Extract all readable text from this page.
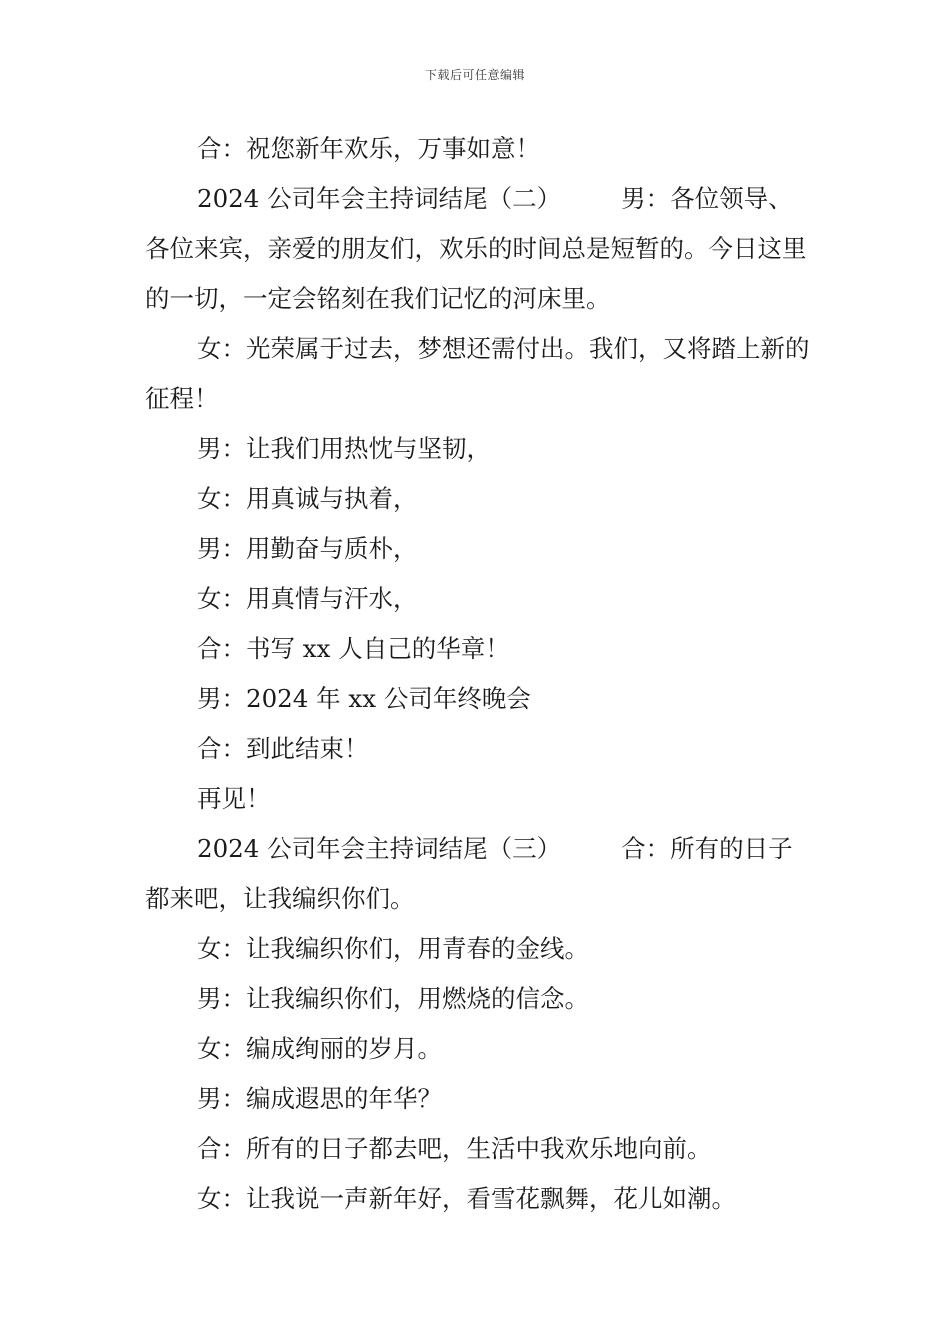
下载后可任意编辑

合：祝您新年欢乐，万事如意！

2024 公司年会主持词结尾（二） 男：各位领导、各位来宾，亲爱的朋友们，欢乐的时间总是短暂的。今日这里的一切，一定会铭刻在我们记忆的河床里。

女：光荣属于过去，梦想还需付出。我们，又将踏上新的征程！

男：让我们用热忱与坚韧，

女：用真诚与执着，

男：用勤奋与质朴，

女：用真情与汗水，

合：书写 xx 人自己的华章！

男：2024 年 xx 公司年终晚会

合：到此结束！

再见！

2024 公司年会主持词结尾（三） 合：所有的日子都来吧，让我编织你们。

女：让我编织你们，用青春的金线。

男：让我编织你们，用燃烧的信念。

女：编成绚丽的岁月。

男：编成遐思的年华？

合：所有的日子都去吧，生活中我欢乐地向前。

女：让我说一声新年好，看雪花飘舞，花儿如潮。
